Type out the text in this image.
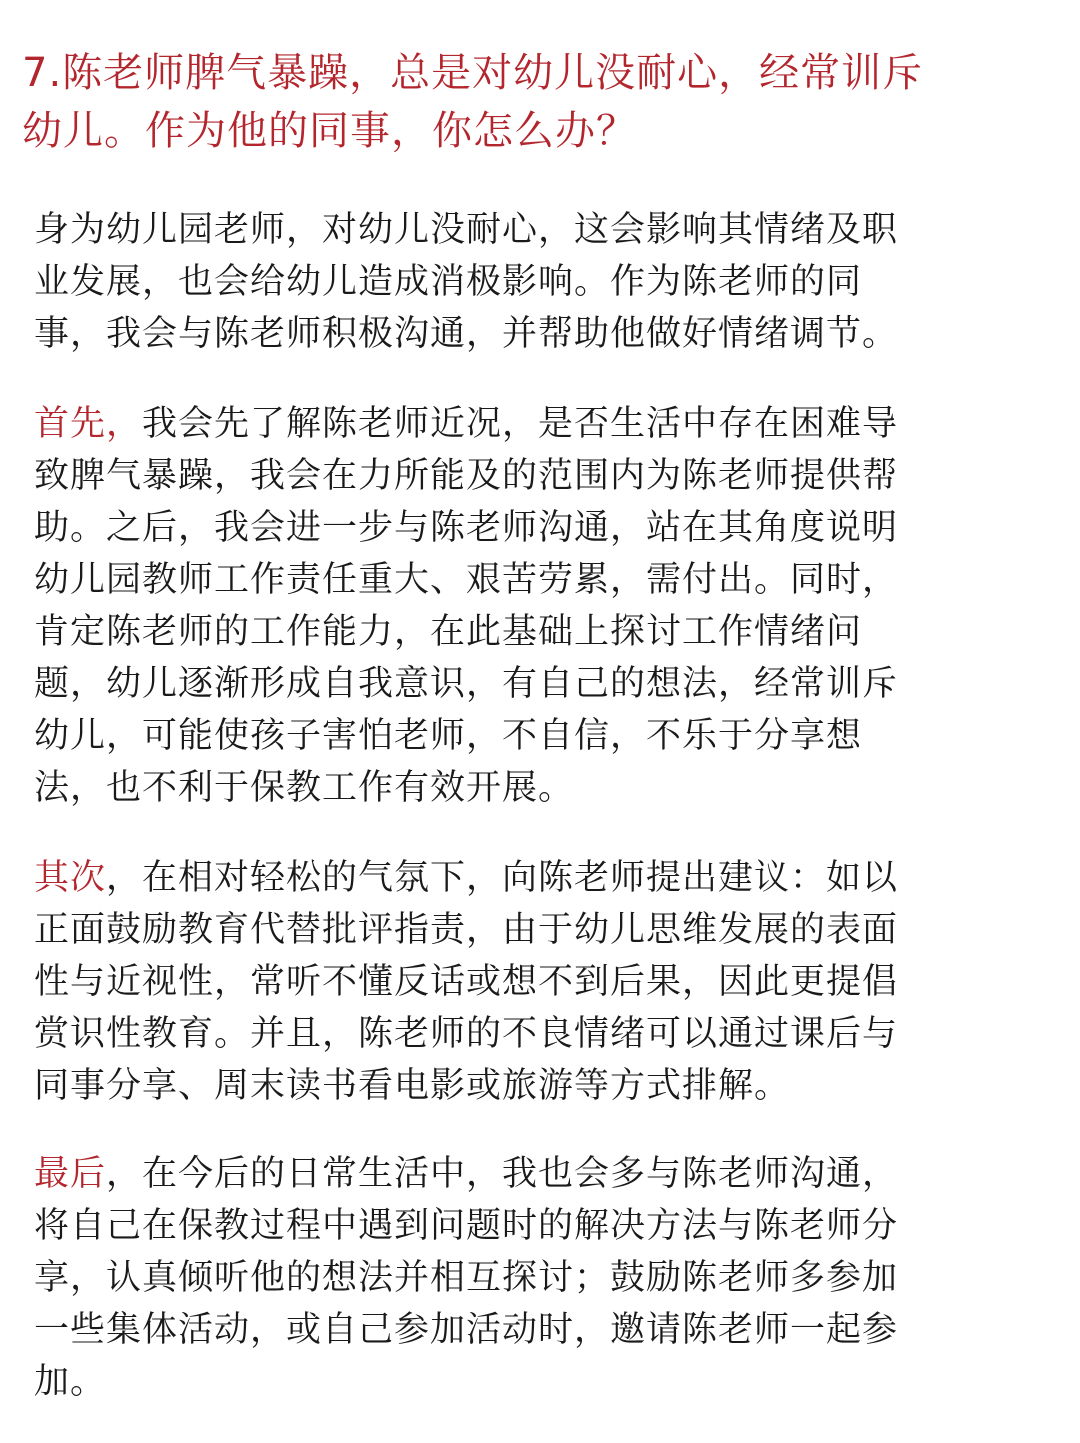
7.陈老师脾气暴躁，总是对幼儿没耐心，经常训斥
幼儿。作为他的同事，你怎么办？

身为幼儿园老师，对幼儿没耐心，这会影响其情绪及职
业发展，也会给幼儿造成消极影响。作为陈老师的同
事，我会与陈老师积极沟通，并帮助他做好情绪调节。

首先，我会先了解陈老师近况，是否生活中存在困难导
致脾气暴躁，我会在力所能及的范围内为陈老师提供帮
助。之后，我会进一步与陈老师沟通，站在其角度说明
幼儿园教师工作责任重大、艰苦劳累，需付出。同时，
肯定陈老师的工作能力，在此基础上探讨工作情绪问
题，幼儿逐渐形成自我意识，有自己的想法，经常训斥
幼儿，可能使孩子害怕老师，不自信，不乐于分享想
法，也不利于保教工作有效开展。

其次，在相对轻松的气氛下，向陈老师提出建议：如以
正面鼓励教育代替批评指责，由于幼儿思维发展的表面
性与近视性，常听不懂反话或想不到后果，因此更提倡
赏识性教育。并且，陈老师的不良情绪可以通过课后与
同事分享、周末读书看电影或旅游等方式排解。

最后，在今后的日常生活中，我也会多与陈老师沟通，
将自己在保教过程中遇到问题时的解决方法与陈老师分
享，认真倾听他的想法并相互探讨；鼓励陈老师多参加
一些集体活动，或自己参加活动时，邀请陈老师一起参
加。
